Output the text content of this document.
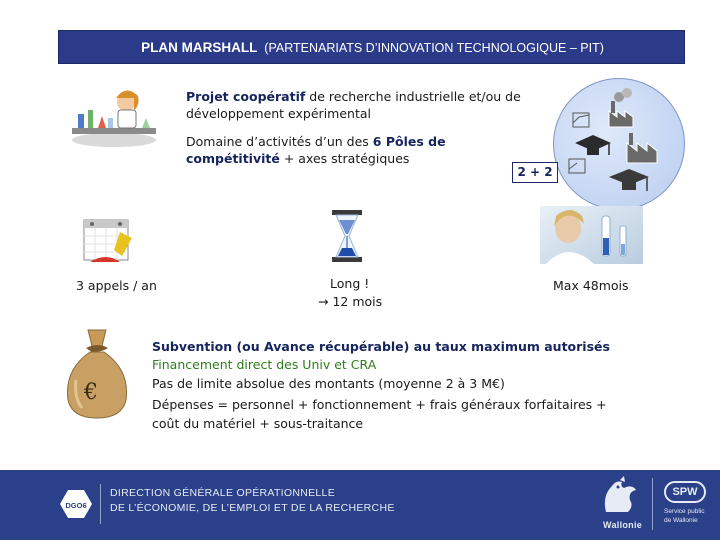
PLAN MARSHALL (PARTENARIATS D’INNOVATION TECHNOLOGIQUE – PIT)
Projet coopératif de recherche industrielle et/ou de
développement expérimental
Domaine d’activités d’un des 6 Pôles de
compétitivité + axes stratégiques
2 + 2
3 appels / an	Long !
→ 12 mois
Max 48mois
€
Subvention (ou Avance récupérable) au taux maximum autorisés
Financement direct des Univ et CRA
Pas de limite absolue des montants (moyenne 2 à 3 M€)
Dépenses = personnel + fonctionnement + frais généraux forfaitaires +
coût du matériel + sous-traitance
DGO6
DIRECTION GÉNÉRALE OPÉRATIONNELLE
DE L’ÉCONOMIE, DE L’EMPLOI ET DE LA RECHERCHE
Wallonie
SPW
Service public
de Wallonie
